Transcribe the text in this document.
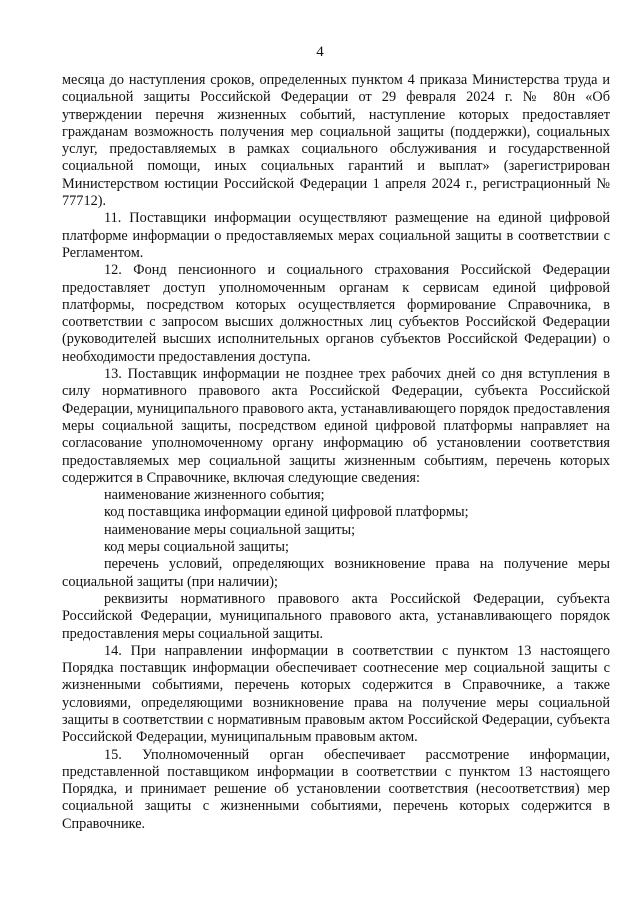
4

месяца до наступления сроков, определенных пунктом 4 приказа Министерства труда и социальной защиты Российской Федерации от 29 февраля 2024 г. № 80н «Об утверждении перечня жизненных событий, наступление которых предоставляет гражданам возможность получения мер социальной защиты (поддержки), социальных услуг, предоставляемых в рамках социального обслуживания и государственной социальной помощи, иных социальных гарантий и выплат» (зарегистрирован Министерством юстиции Российской Федерации 1 апреля 2024 г., регистрационный № 77712).

11. Поставщики информации осуществляют размещение на единой цифровой платформе информации о предоставляемых мерах социальной защиты в соответствии с Регламентом.

12. Фонд пенсионного и социального страхования Российской Федерации предоставляет доступ уполномоченным органам к сервисам единой цифровой платформы, посредством которых осуществляется формирование Справочника, в соответствии с запросом высших должностных лиц субъектов Российской Федерации (руководителей высших исполнительных органов субъектов Российской Федерации) о необходимости предоставления доступа.

13. Поставщик информации не позднее трех рабочих дней со дня вступления в силу нормативного правового акта Российской Федерации, субъекта Российской Федерации, муниципального правового акта, устанавливающего порядок предоставления меры социальной защиты, посредством единой цифровой платформы направляет на согласование уполномоченному органу информацию об установлении соответствия предоставляемых мер социальной защиты жизненным событиям, перечень которых содержится в Справочнике, включая следующие сведения:

наименование жизненного события;

код поставщика информации единой цифровой платформы;

наименование меры социальной защиты;

код меры социальной защиты;

перечень условий, определяющих возникновение права на получение меры социальной защиты (при наличии);

реквизиты нормативного правового акта Российской Федерации, субъекта Российской Федерации, муниципального правового акта, устанавливающего порядок предоставления меры социальной защиты.

14. При направлении информации в соответствии с пунктом 13 настоящего Порядка поставщик информации обеспечивает соотнесение мер социальной защиты с жизненными событиями, перечень которых содержится в Справочнике, а также условиями, определяющими возникновение права на получение меры социальной защиты в соответствии с нормативным правовым актом Российской Федерации, субъекта Российской Федерации, муниципальным правовым актом.

15. Уполномоченный орган обеспечивает рассмотрение информации, представленной поставщиком информации в соответствии с пунктом 13 настоящего Порядка, и принимает решение об установлении соответствия (несоответствия) мер социальной защиты с жизненными событиями, перечень которых содержится в Справочнике.
